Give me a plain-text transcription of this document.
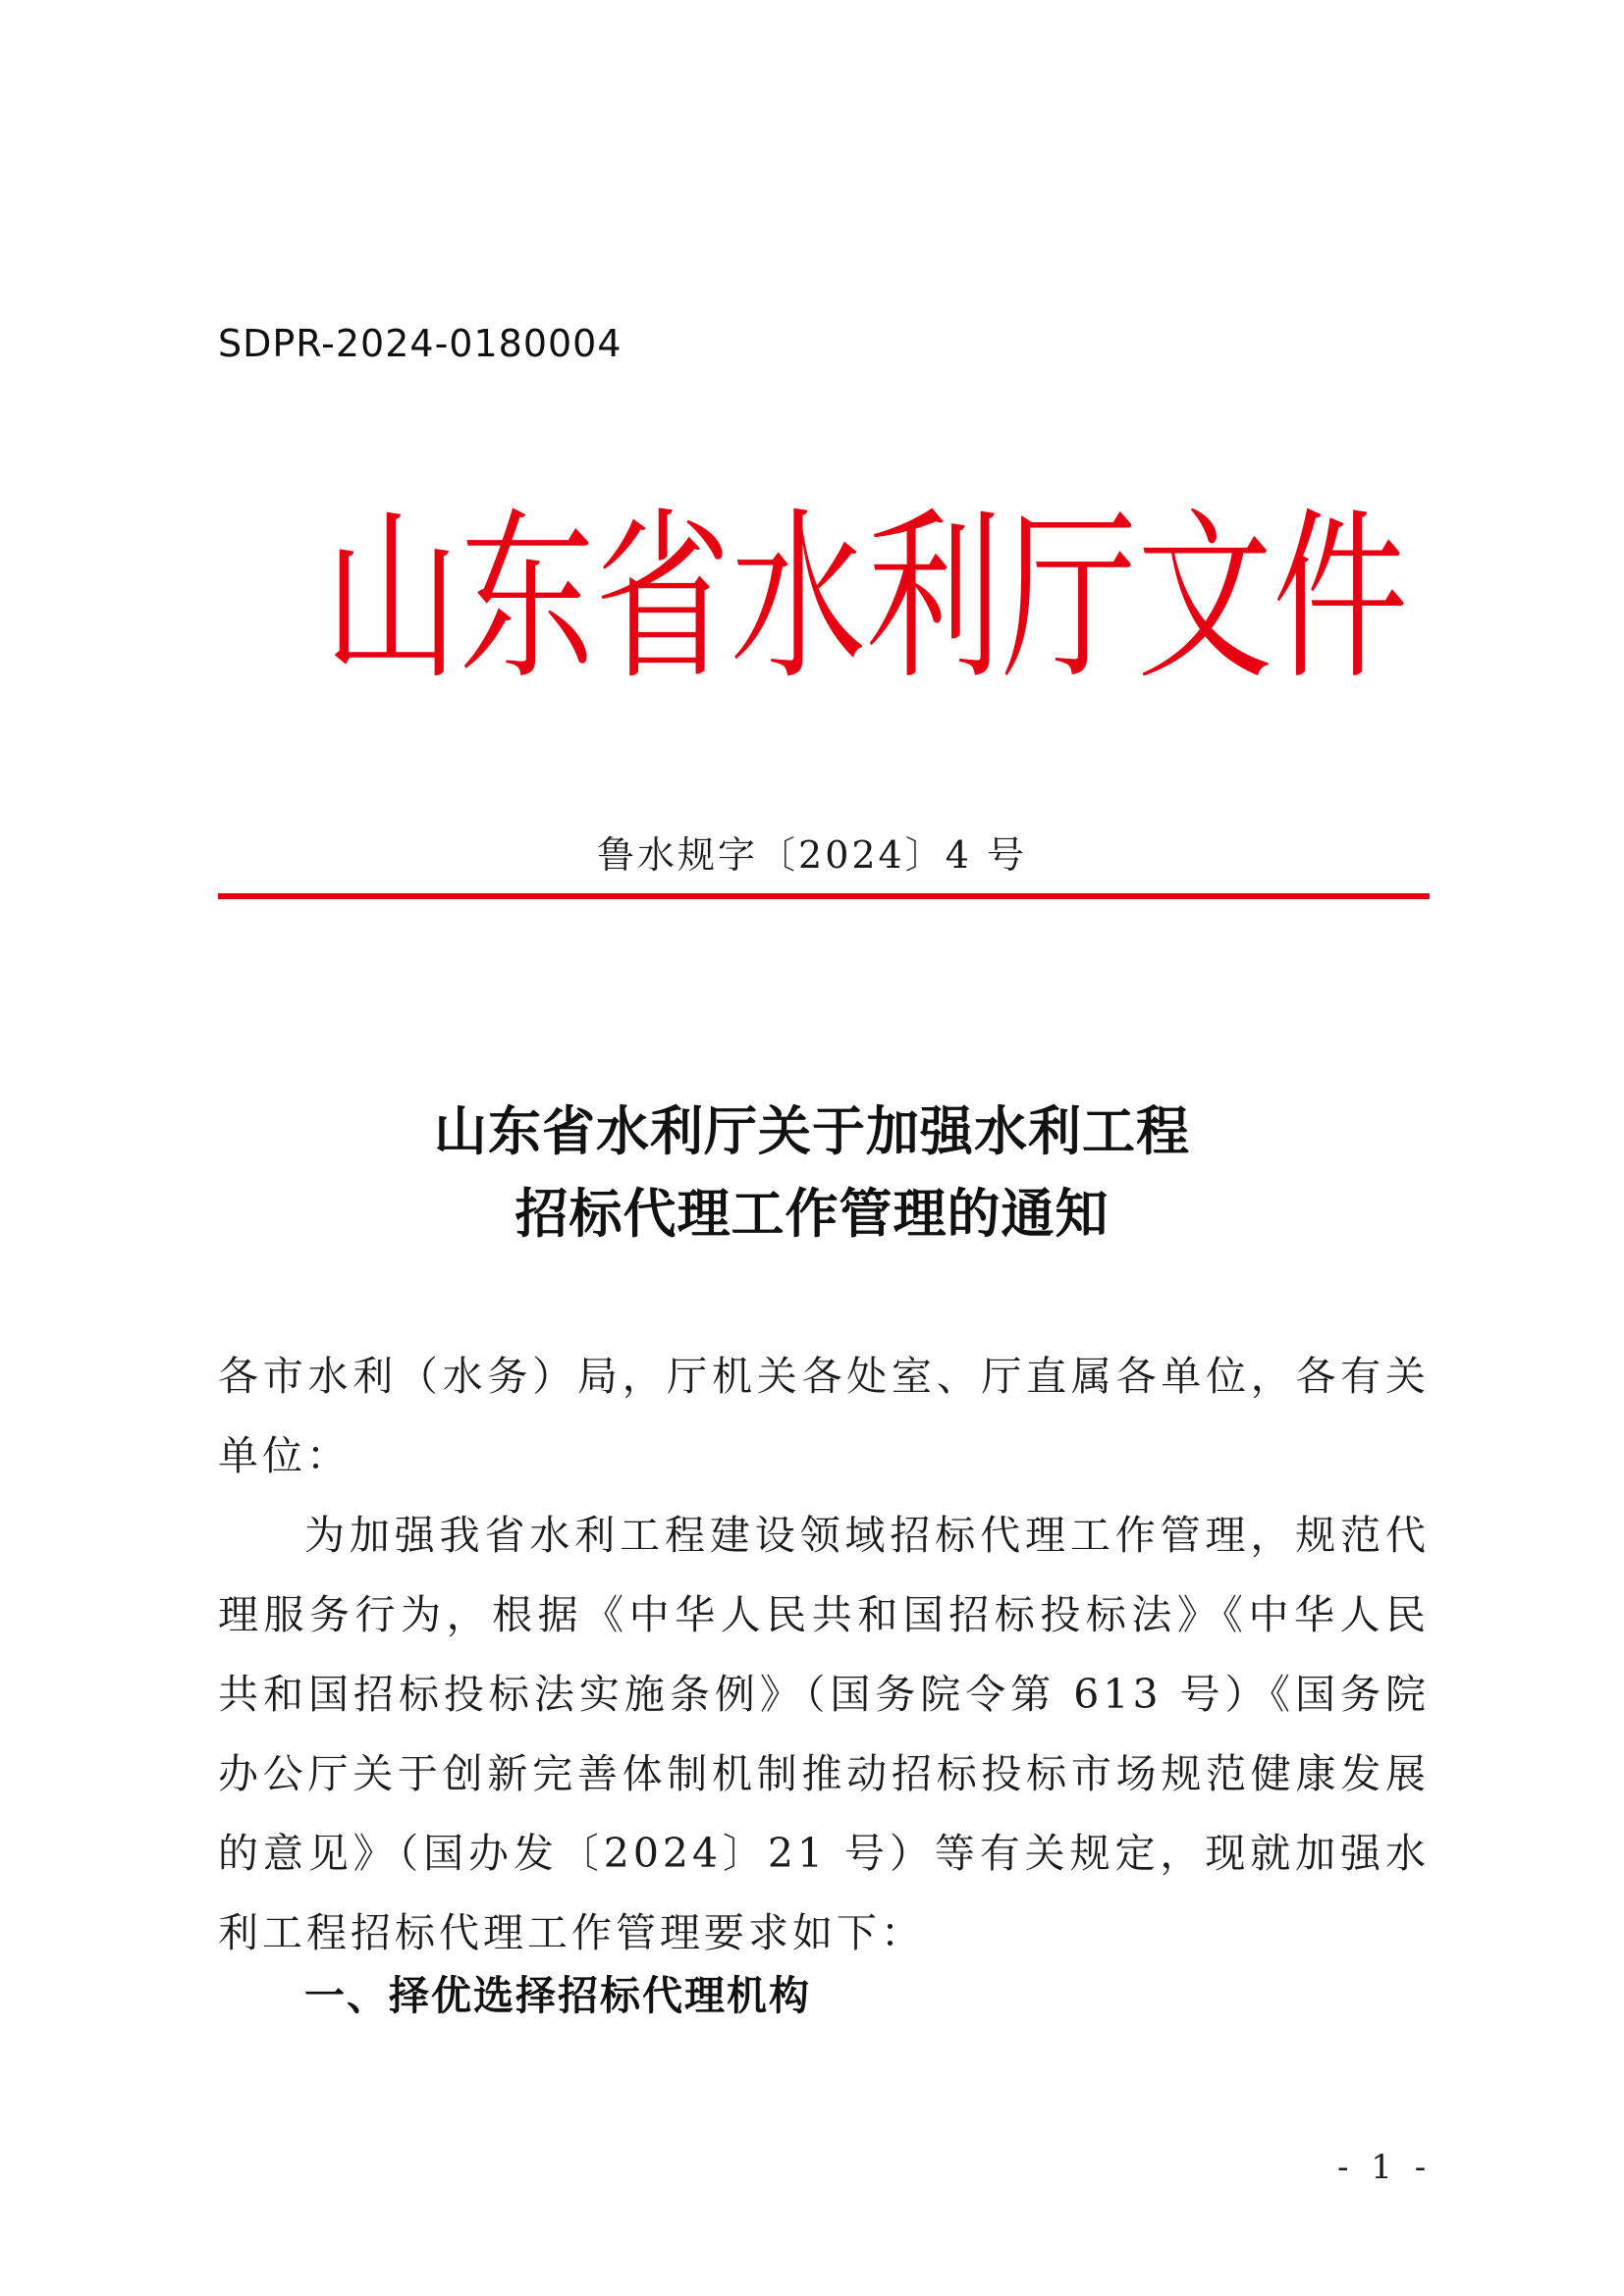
SDPR-2024-0180004
山 东 省 水 利 厅 文 件
鲁水规字〔2024〕4 号
山东省水利厅关于加强水利工程
招标代理工作管理的通知

各市水利（水务）局，厅机关各处室、厅直属各单位，各有关单位：

为加强我省水利工程建设领域招标代理工作管理，规范代理服务行为，根据《中华人民共和国招标投标法》《中华人民共和国招标投标法实施条例》（国务院令第 613 号）《国务院办公厅关于创新完善体制机制推动招标投标市场规范健康发展的意见》（国办发〔2024〕21 号）等有关规定，现就加强水利工程招标代理工作管理要求如下：

一、择优选择招标代理机构
- 1 -
